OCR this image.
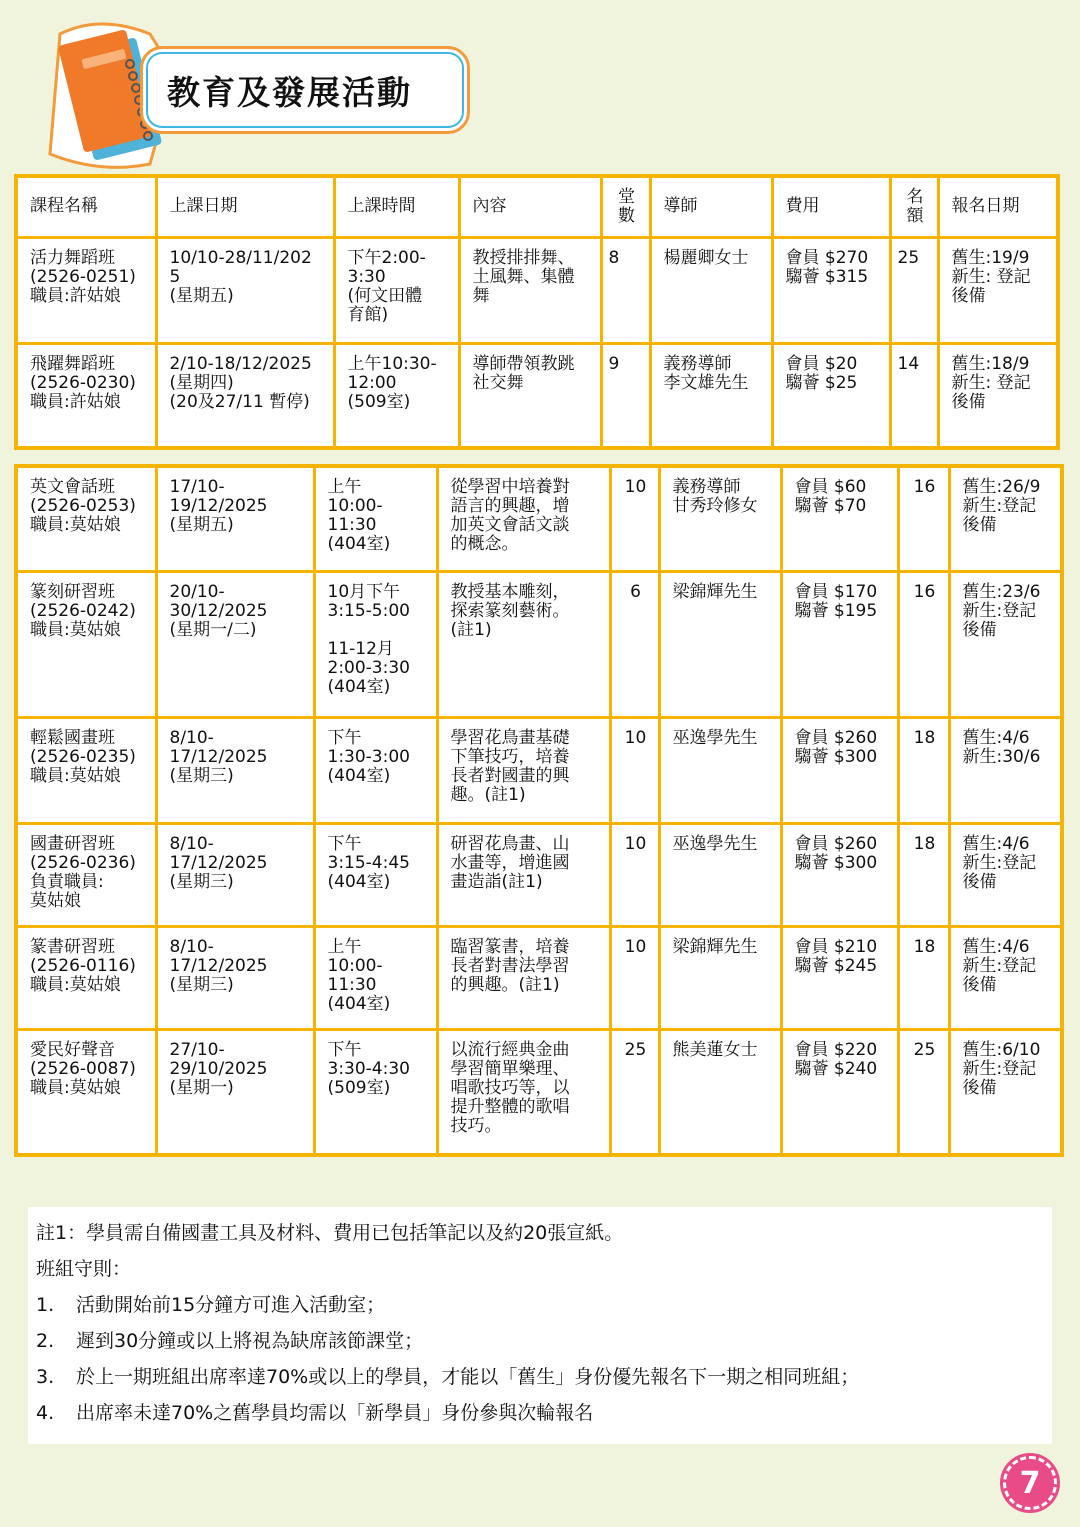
教育及發展活動
課程名稱	上課日期	上課時間	內容	堂
數	導師	費用	名
額	報名日期
活力舞蹈班
(2526-0251)
職員:許姑娘	10/10-28/11/2025
(星期五)	下午2:00-
3:30
(何文田體
育館)	教授排排舞、
土風舞、集體
舞	8	楊麗卿女士	會員 $270
騶薈 $315	25	舊生:19/9
新生: 登記
後備
飛躍舞蹈班
(2526-0230)
職員:許姑娘	2/10-18/12/2025
(星期四)
(20及27/11 暫停)	上午10:30-
12:00
(509室)	導師帶領教跳
社交舞	9	義務導師
李文雄先生	會員 $20
騶薈 $25	14	舊生:18/9
新生: 登記
後備
英文會話班
(2526-0253)
職員:莫姑娘	17/10-
19/12/2025
(星期五)	上午
10:00-
11:30
(404室)	從學習中培養對
語言的興趣，增
加英文會話文談
的概念。	10	義務導師
甘秀玲修女	會員 $60
騶薈 $70	16	舊生:26/9
新生:登記
後備
篆刻研習班
(2526-0242)
職員:莫姑娘	20/10-
30/12/2025
(星期一/二)	10月下午
3:15-5:00

11-12月
2:00-3:30
(404室)	教授基本雕刻，
探索篆刻藝術。
(註1)	6	梁錦輝先生	會員 $170
騶薈 $195	16	舊生:23/6
新生:登記
後備
輕鬆國畫班
(2526-0235)
職員:莫姑娘	8/10-
17/12/2025
(星期三)	下午
1:30-3:00
(404室)	學習花鳥畫基礎
下筆技巧，培養
長者對國畫的興
趣。(註1)	10	巫逸學先生	會員 $260
騶薈 $300	18	舊生:4/6
新生:30/6
國畫研習班
(2526-0236)
負責職員:
莫姑娘	8/10-
17/12/2025
(星期三)	下午
3:15-4:45
(404室)	研習花鳥畫、山
水畫等，增進國
畫造詣(註1)	10	巫逸學先生	會員 $260
騶薈 $300	18	舊生:4/6
新生:登記
後備
篆書研習班
(2526-0116)
職員:莫姑娘	8/10-
17/12/2025
(星期三)	上午
10:00-
11:30
(404室)	臨習篆書，培養
長者對書法學習
的興趣。(註1)	10	梁錦輝先生	會員 $210
騶薈 $245	18	舊生:4/6
新生:登記
後備
愛民好聲音
(2526-0087)
職員:莫姑娘	27/10-
29/10/2025
(星期一)	下午
3:30-4:30
(509室)	以流行經典金曲
學習簡單樂理、
唱歌技巧等，以
提升整體的歌唱
技巧。	25	熊美蓮女士	會員 $220
騶薈 $240	25	舊生:6/10
新生:登記
後備

註1：學員需自備國畫工具及材料、費用已包括筆記以及約20張宣紙。

班組守則：

1.	活動開始前15分鐘方可進入活動室；

2.	遲到30分鐘或以上將視為缺席該節課堂；

3.	於上一期班組出席率達70%或以上的學員，才能以「舊生」身份優先報名下一期之相同班組；

4.	出席率未達70%之舊學員均需以「新學員」身份參與次輪報名

7
